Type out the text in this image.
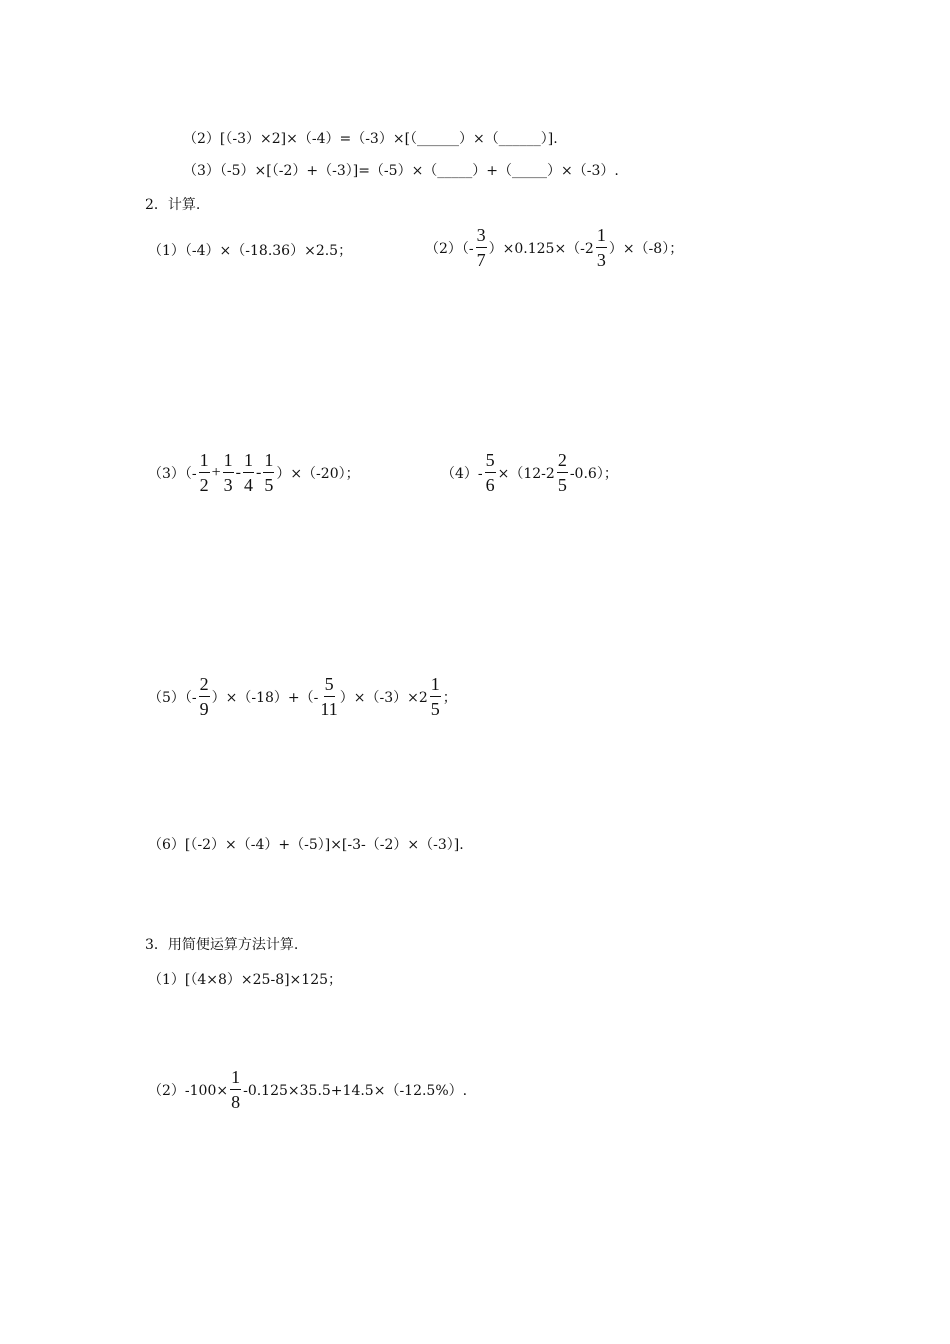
（2）[（-3）×2]×（-4）=（-3）×[（______）×（______）].
（3）（-5）×[（-2）+（-3）]=（-5）×（_____）+（_____）×（-3）.
2．计算.
（1）（-4）×（-18.36）×2.5；	$(2)(- \frac{3}{7} )\times 0.125\times(-2 \frac{1}{3} )\times(-8)$；
$(3)(- \frac{1}{2} + \frac{1}{3} - \frac{1}{4} - \frac{1}{5} )\times(-20)$；	$(4)- \frac{5}{6} \times(12-2 \frac{2}{5} -0.6)$；
$(5)(- \frac{2}{9} )\times(-18)+(- \frac{5}{11} )\times(-3)\times 2 \frac{1}{5}$ ；
（6）[（-2）×（-4）+（-5）]×[-3-（-2）×（-3）].
3．用简便运算方法计算.
（1）[（4×8）×25-8]×125；
$(2)-100\times \frac{1}{8} -0.125\times 35.5+14.5\times(-12.5\%)$.
